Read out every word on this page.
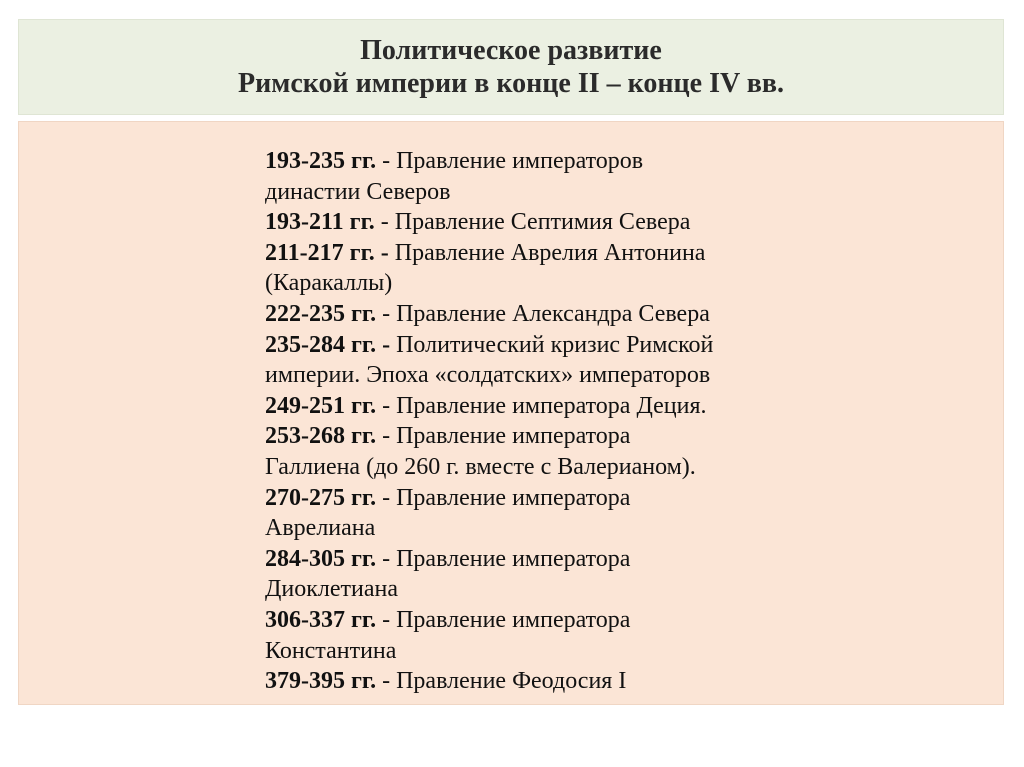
Политическое развитие
Римской империи в конце II – конце IV вв.
193-235 гг. - Правление императоров
династии Северов
193-211 гг. - Правление Септимия Севера
211-217 гг. - Правление Аврелия Антонина
(Каракаллы)
222-235 гг. - Правление Александра Севера
235-284 гг. - Политический кризис Римской
империи. Эпоха «солдатских» императоров
249-251 гг. - Правление императора Деция.
253-268 гг. - Правление императора
Галлиена (до 260 г. вместе с Валерианом).
270-275 гг. - Правление императора
Аврелиана
284-305 гг. - Правление императора
Диоклетиана
306-337 гг. - Правление императора
Константина
379-395 гг. - Правление Феодосия I
